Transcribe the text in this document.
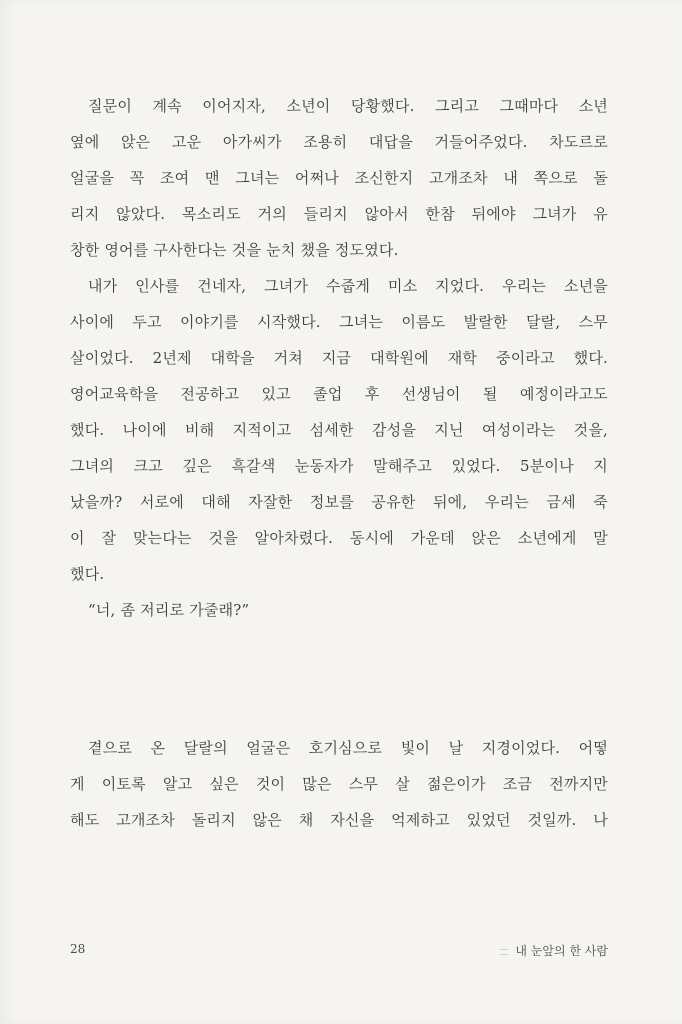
질문이 계속 이어지자, 소년이 당황했다. 그리고 그때마다 소년
옆에 앉은 고운 아가씨가 조용히 대답을 거들어주었다. 차도르로
얼굴을 꼭 조여 맨 그녀는 어쩌나 조신한지 고개조차 내 쪽으로 돌
리지 않았다. 목소리도 거의 들리지 않아서 한참 뒤에야 그녀가 유
창한 영어를 구사한다는 것을 눈치 챘을 정도였다.
내가 인사를 건네자, 그녀가 수줍게 미소 지었다. 우리는 소년을
사이에 두고 이야기를 시작했다. 그녀는 이름도 발랄한 달랄, 스무
살이었다. 2년제 대학을 거쳐 지금 대학원에 재학 중이라고 했다.
영어교육학을 전공하고 있고 졸업 후 선생님이 될 예정이라고도
했다. 나이에 비해 지적이고 섬세한 감성을 지닌 여성이라는 것을,
그녀의 크고 깊은 흑갈색 눈동자가 말해주고 있었다. 5분이나 지
났을까? 서로에 대해 자잘한 정보를 공유한 뒤에, 우리는 금세 죽
이 잘 맞는다는 것을 알아차렸다. 동시에 가운데 앉은 소년에게 말
했다.
“너, 좀 저리로 가줄래?”
곁으로 온 달랄의 얼굴은 호기심으로 빛이 날 지경이었다. 어떻
게 이토록 알고 싶은 것이 많은 스무 살 젊은이가 조금 전까지만
해도 고개조차 돌리지 않은 채 자신을 억제하고 있었던 것일까. 나
28	내 눈앞의 한 사람
